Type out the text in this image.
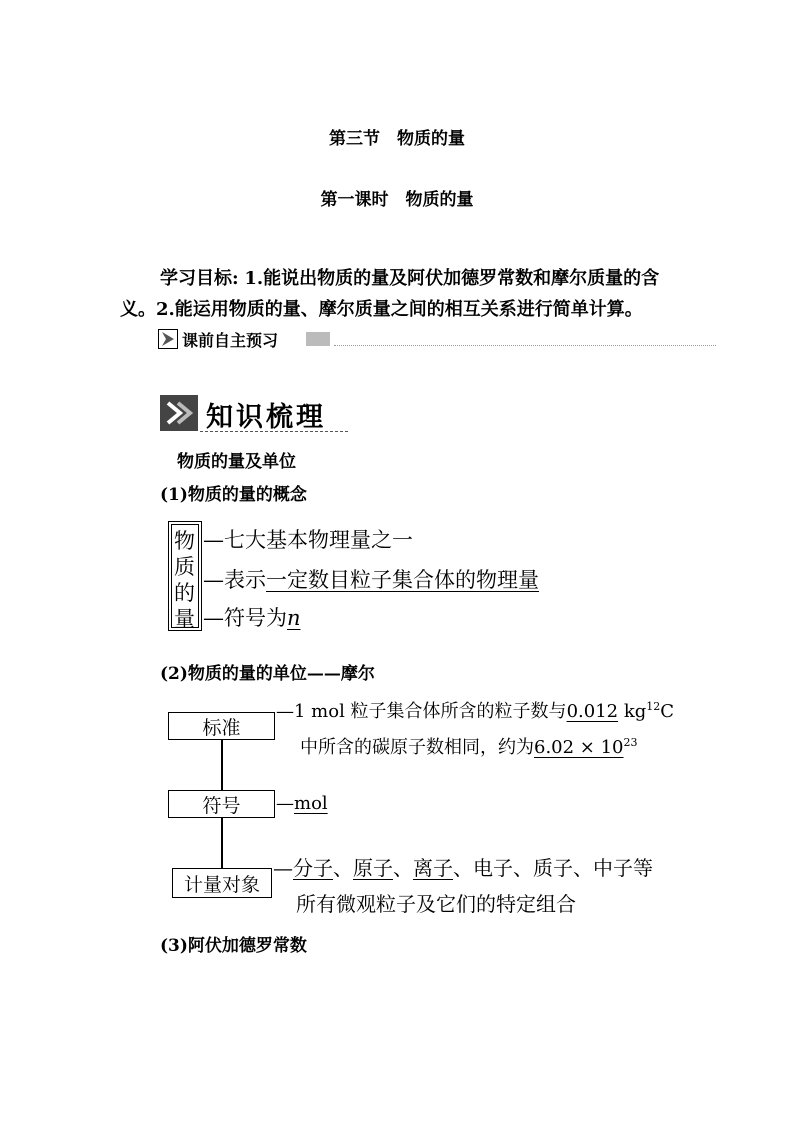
第三节　物质的量
第一课时　物质的量
学习目标: 1.能说出物质的量及阿伏加德罗常数和摩尔质量的含
义。2.能运用物质的量、摩尔质量之间的相互关系进行简单计算。
课前自主预习
知识梳理
物质的量及单位
(1)物质的量的概念
物
质
的
量
—七大基本物理量之一
—表示一定数目粒子集合体的物理量
—符号为n
(2)物质的量的单位——摩尔
标准
—1 mol 粒子集合体所含的粒子数与0.012 $kg^{12}C$
中所含的碳原子数相同，约为$6.02 \times 10^{23}$
符号	—mol
计量对象
—分子、原子、离子、电子、质子、中子等
所有微观粒子及它们的特定组合
(3)阿伏加德罗常数
